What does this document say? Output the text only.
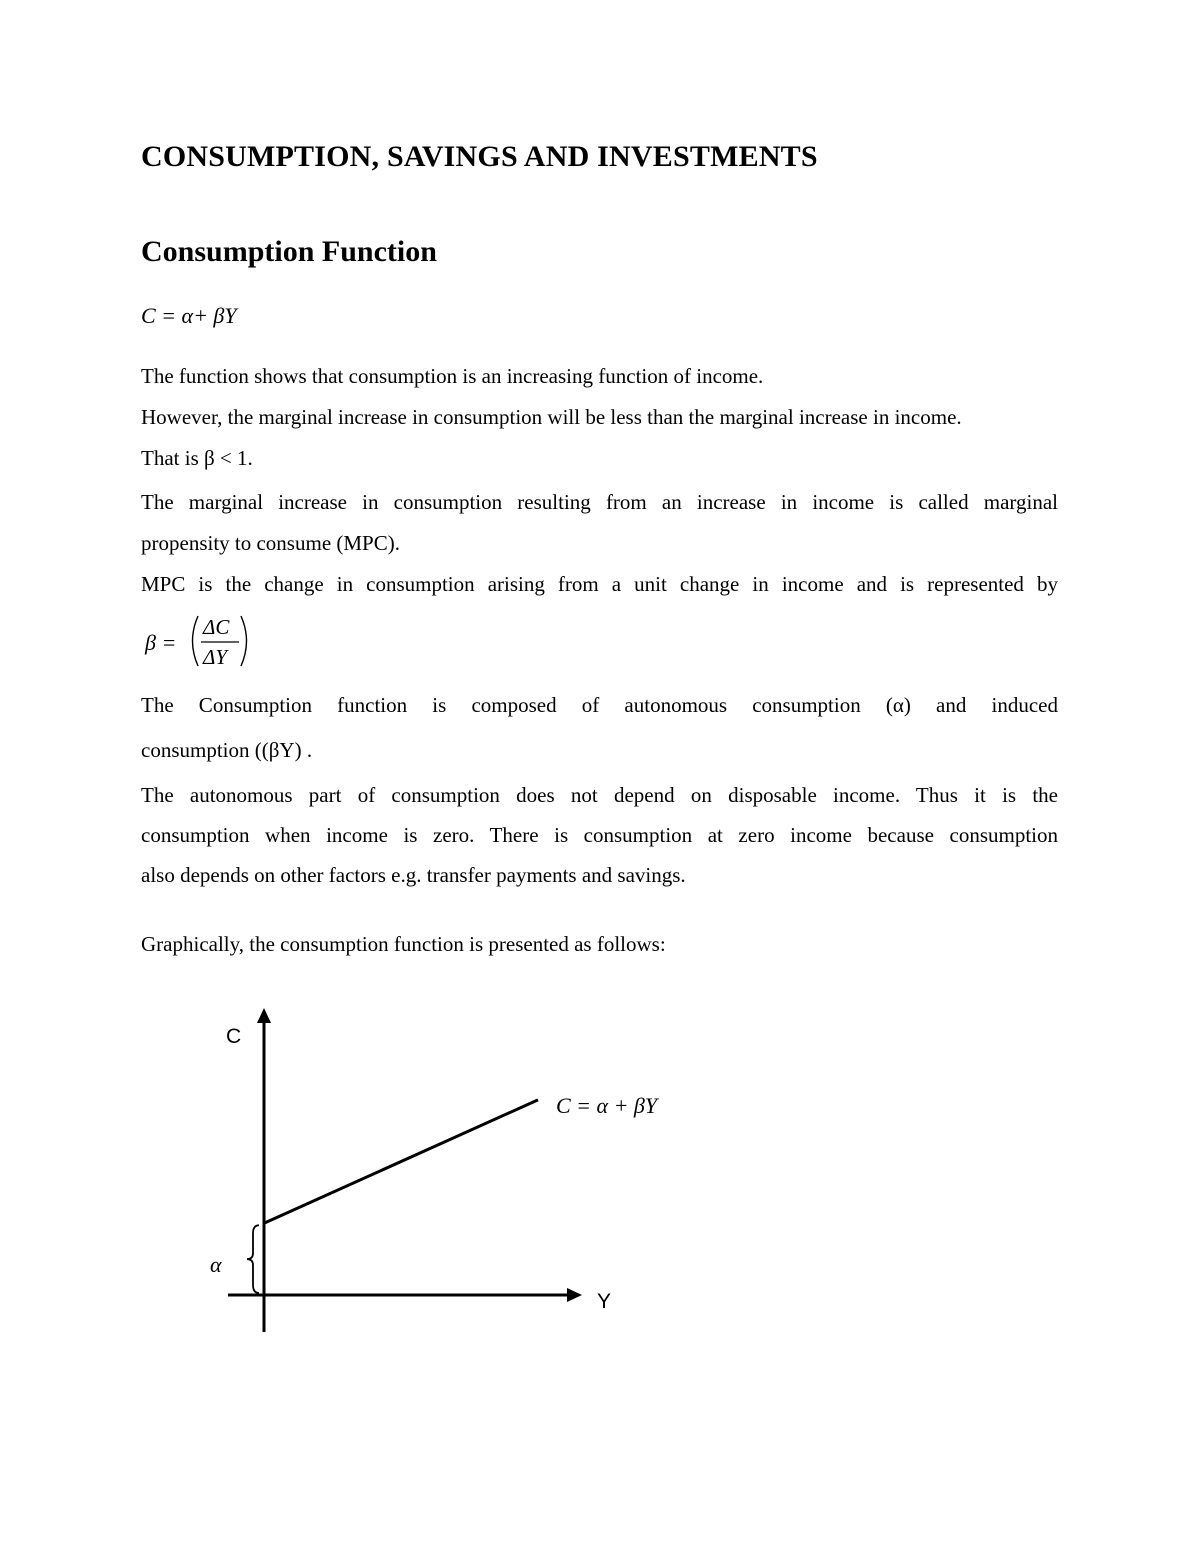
CONSUMPTION, SAVINGS AND INVESTMENTS
Consumption Function
C = α+ βY
The function shows that consumption is an increasing function of income.
However, the marginal increase in consumption will be less than the marginal increase in income.
That is β < 1.
The marginal increase in consumption resulting from an increase in income is called marginal
propensity to consume (MPC).
MPC is the change in consumption arising from a unit change in income and is represented by
β =
ΔC
ΔY
The Consumption function is composed of autonomous consumption (α) and induced
consumption ((βY) .
The autonomous part of consumption does not depend on disposable income. Thus it is the
consumption when income is zero. There is consumption at zero income because consumption
also depends on other factors e.g. transfer payments and savings.
Graphically, the consumption function is presented as follows:
C
Y
C = α + βY
α
